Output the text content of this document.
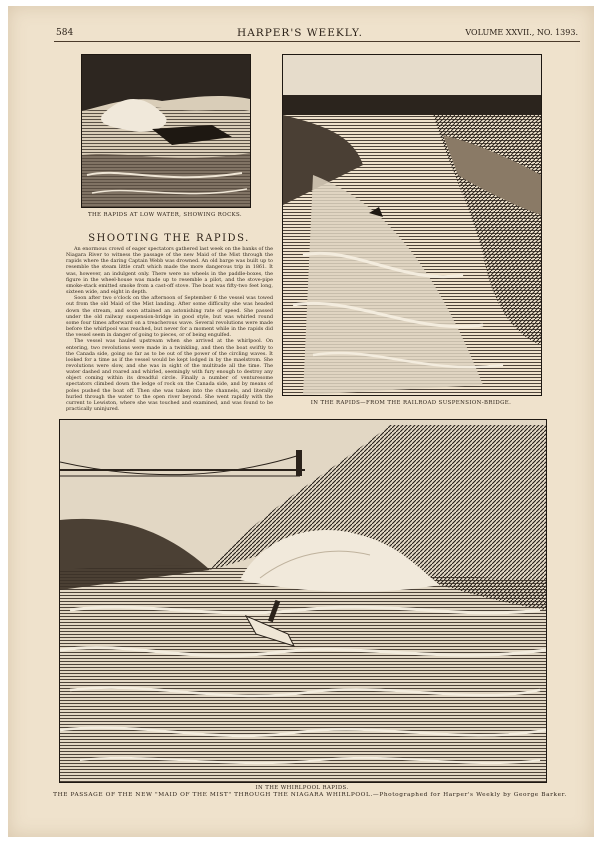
584	HARPER'S WEEKLY.	VOLUME XXVII., NO. 1393.
THE RAPIDS AT LOW WATER, SHOWING ROCKS.
IN THE RAPIDS—FROM THE RAILROAD SUSPENSION-BRIDGE.
SHOOTING THE RAPIDS.

An enormous crowd of eager spectators gathered last week on the banks of the Niagara River to witness the passage of the new Maid of the Mist through the rapids where the daring Captain Webb was drowned. An old barge was built up to resemble the steam little craft which made the more dangerous trip in 1861. It was, however, an indulgent only. There were no wheels in the paddle-boxes, the figure in the wheel-house was made up to resemble a pilot, and the stove-pipe smoke-stack emitted smoke from a cast-off stove. The boat was fifty-two feet long, sixteen wide, and eight in depth.

Soon after two o'clock on the afternoon of September 6 the vessel was towed out from the old Maid of the Mist landing. After some difficulty she was headed down the stream, and soon attained an astonishing rate of speed. She passed under the old railway suspension-bridge in good style, but was whirled round some four times afterward on a treacherous wave. Several revolutions were made before the whirlpool was reached, but never for a moment while in the rapids did the vessel seem in danger of going to pieces, or of being engulfed.

The vessel was hauled upstream when she arrived at the whirlpool. On entering, two revolutions were made in a twinkling, and then the boat swiftly to the Canada side, going so far as to be out of the power of the circling waves. It looked for a time as if the vessel would be kept lodged in by the maelstrom. She revolutions were slow, and she was in sight of the multitude all the time. The water dashed and roared and whirled, seemingly with fury enough to destroy any object coming within its dreadful circle. Finally a number of venturesome spectators climbed down the ledge of rock on the Canada side, and by means of poles pushed the boat off. Then she was taken into the channels, and literally hurled through the water to the open river beyond. She went rapidly with the current to Lewiston, where she was touched and examined, and was found to be practically uninjured.

IN THE WHIRLPOOL RAPIDS.
THE PASSAGE OF THE NEW "MAID OF THE MIST" THROUGH THE NIAGARA WHIRLPOOL.—Photographed for Harper's Weekly by George Barker.
